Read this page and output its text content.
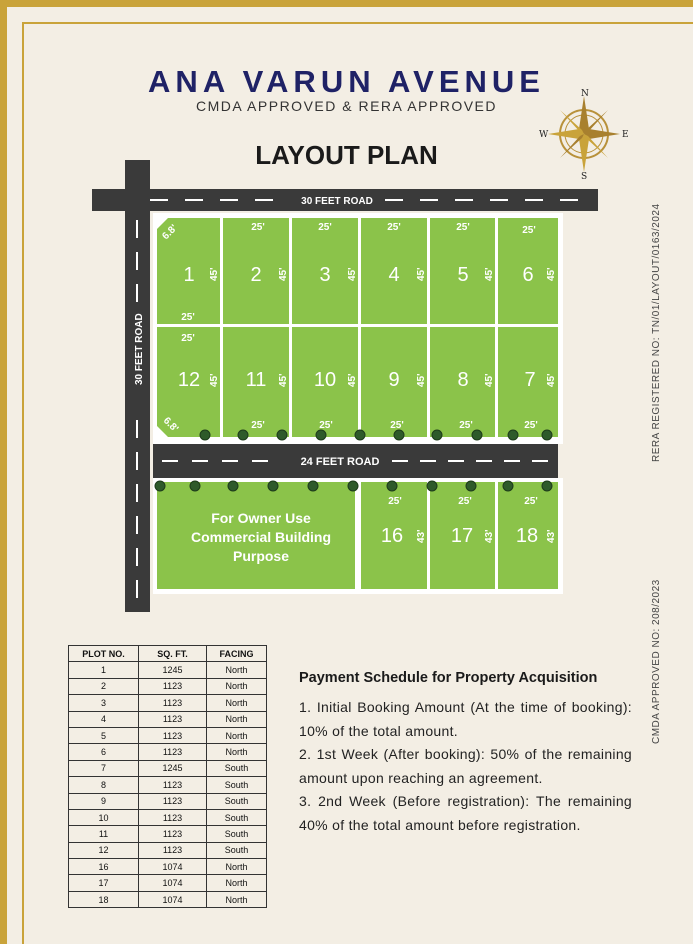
ANA VARUN AVENUE
CMDA APPROVED & RERA APPROVED
LAYOUT PLAN
N
S
W	E
RERA REGISTERED NO: TN/01/LAYOUT/0163/2024
CMDA APPROVED NO: 208/2023
30 FEET ROAD
24 FEET ROAD
30 FEET ROAD
1	2	3	4	5	6
12 11 10	9	8	7
16 17 18
25'	25'	25'	25'	25'
25'
25'
25'	25'	25'	25'	25'
25'	25'	25'
45'	45'	45'	45'	45'	45'
45'	45'	45'	45'	45'	45'
43'	43'	43'
6.8'
6.8'
For Owner Use
Commercial Building
Purpose
PLOT NO.	SQ. FT.	FACING
1	1245	North
2	1123	North
3	1123	North
4	1123	North
5	1123	North
6	1123	North
7	1245	South
8	1123	South
9	1123	South
10	1123	South
11	1123	South
12	1123	South
16	1074	North
17	1074	North
18	1074	North
Payment Schedule for Property Acquisition

1. Initial Booking Amount (At the time of booking): 10% of the total amount.

2. 1st Week (After booking): 50% of the remaining amount upon reaching an agreement.

3. 2nd Week (Before registration): The remaining 40% of the total amount before registration.
